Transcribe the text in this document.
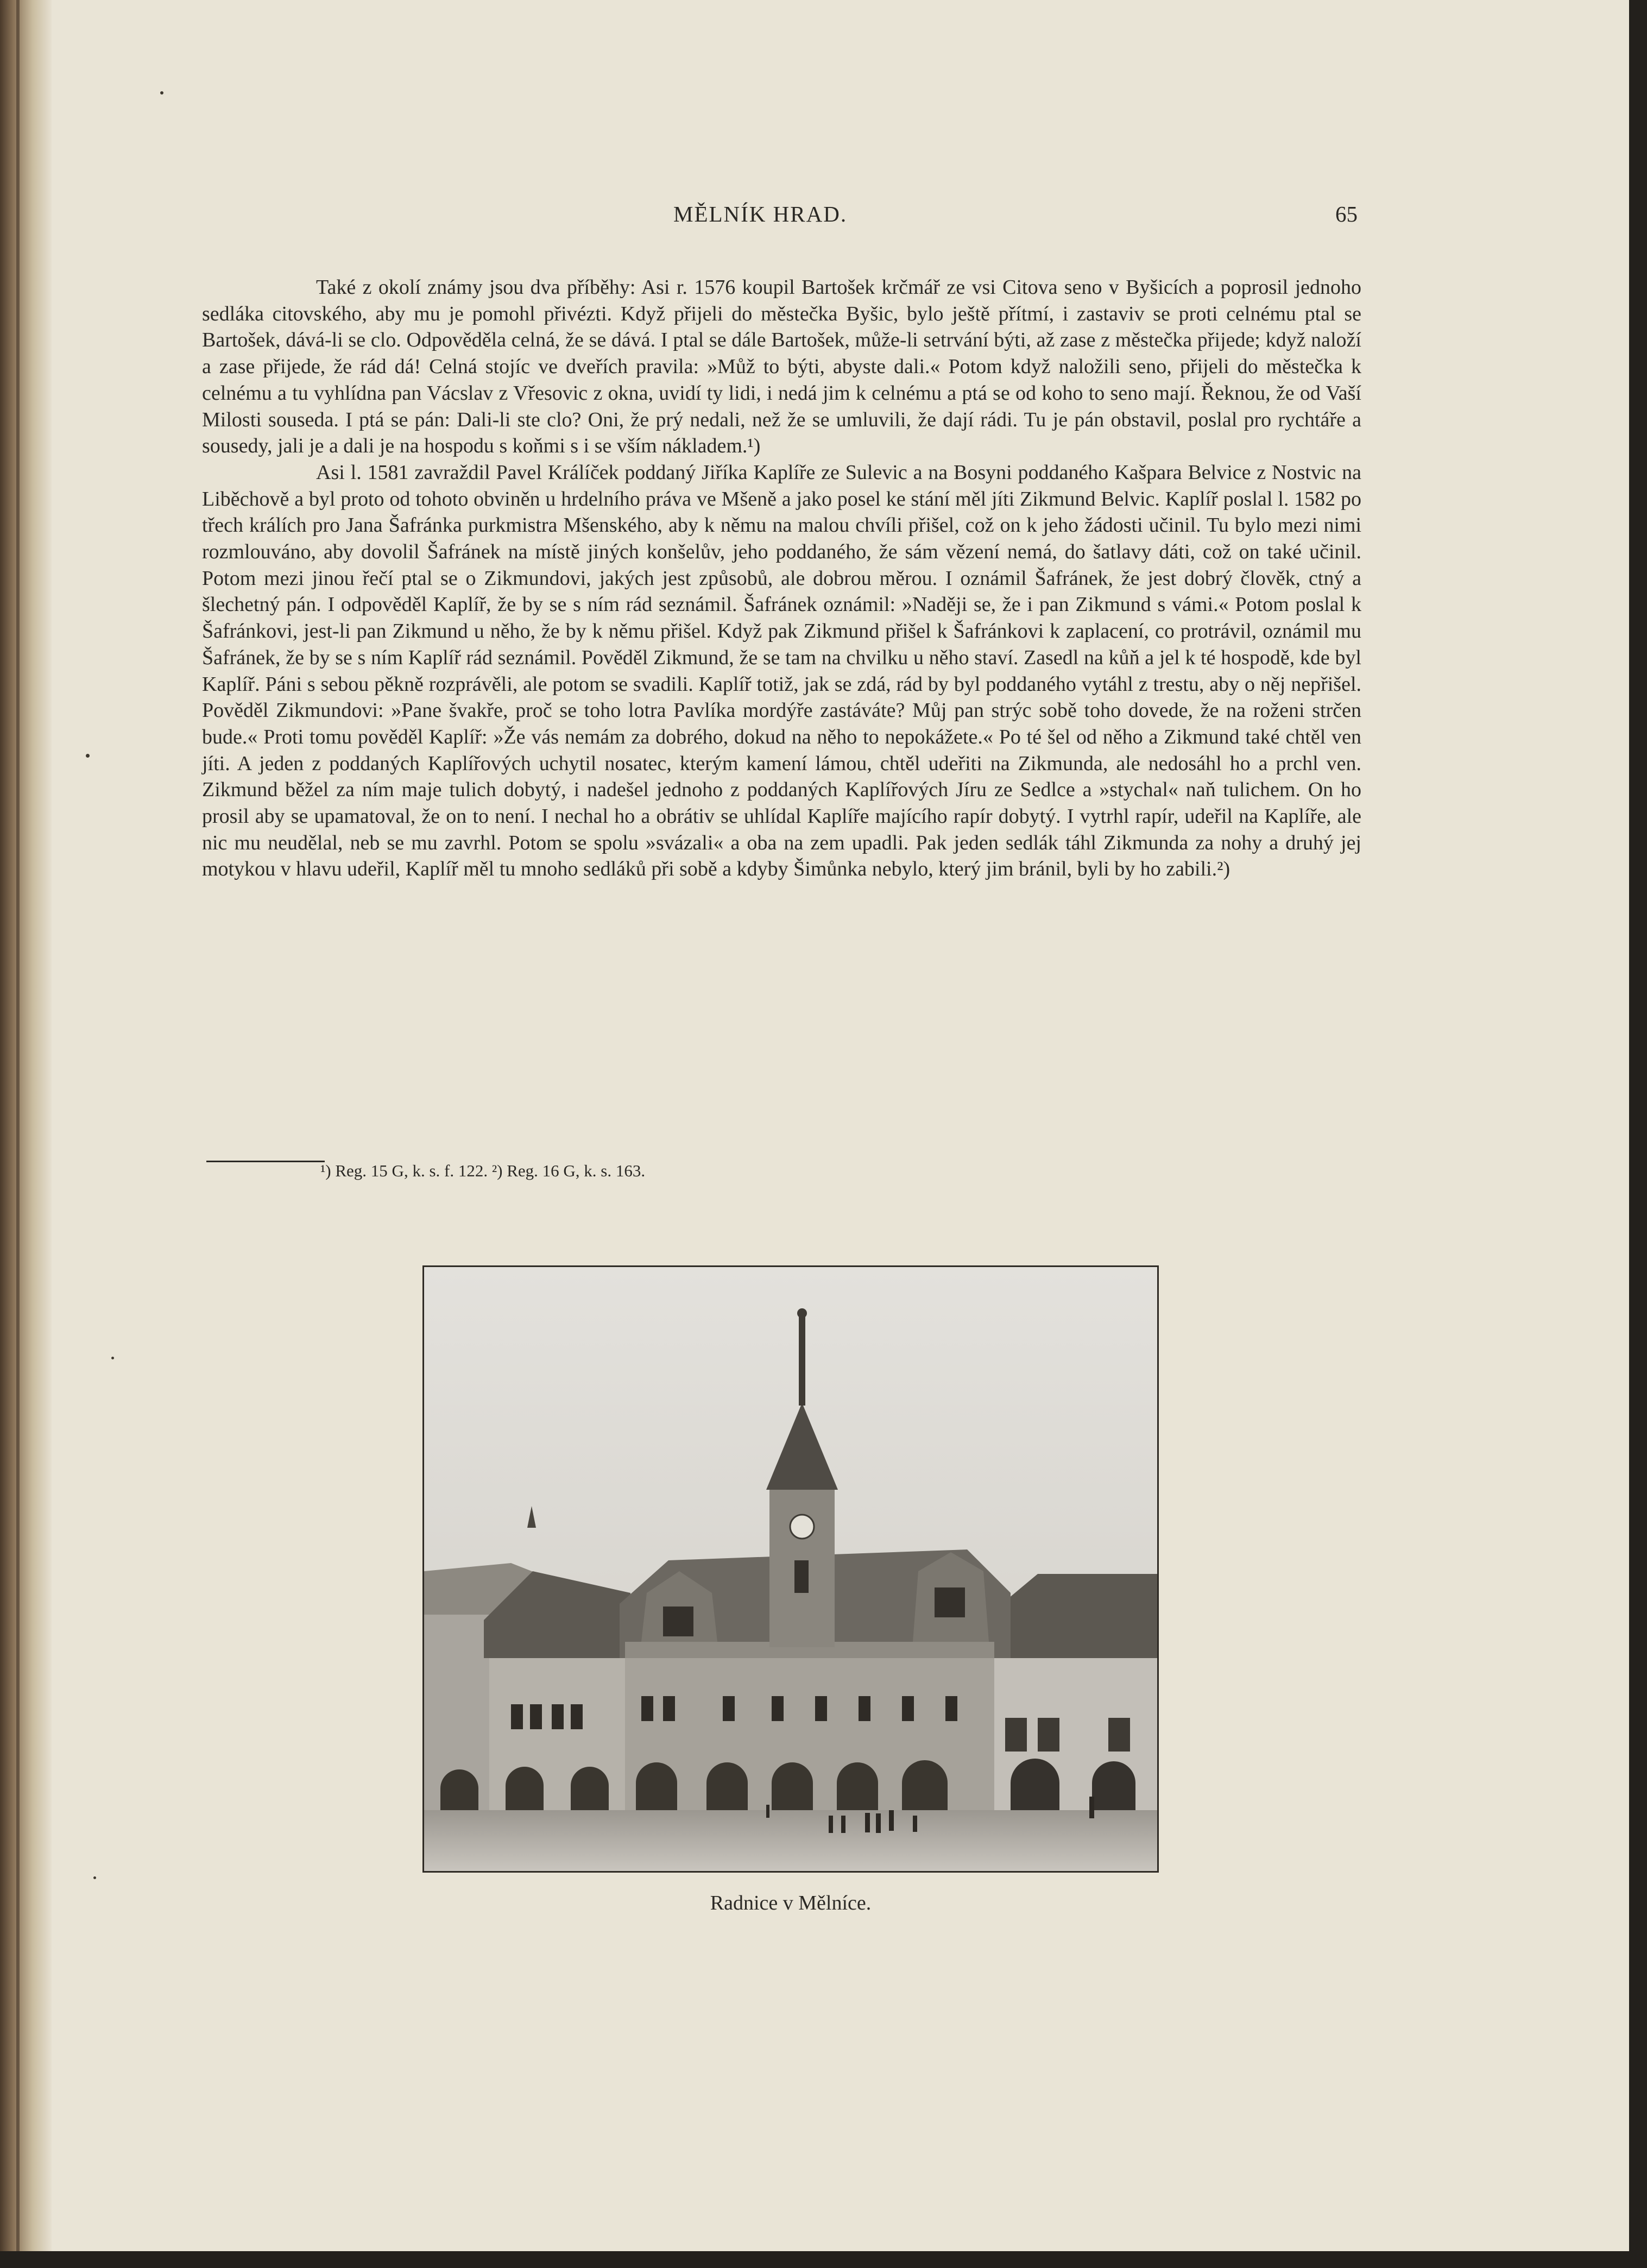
MĚLNÍK HRAD.	65

Také z okolí známy jsou dva příběhy: Asi r. 1576 koupil Bartošek krčmář ze vsi Citova seno v Byšicích a poprosil jednoho sedláka citovského, aby mu je pomohl přivézti. Když přijeli do městečka Byšic, bylo ještě přítmí, i zastaviv se proti celnému ptal se Bartošek, dává-li se clo. Odpověděla celná, že se dává. I ptal se dále Bartošek, může-li setrvání býti, až zase z městečka přijede; když naloží a zase přijede, že rád dá! Celná stojíc ve dveřích pravila: »Můž to býti, abyste dali.« Potom když naložili seno, přijeli do městečka k celnému a tu vyhlídna pan Vácslav z Vřesovic z okna, uvidí ty lidi, i nedá jim k celnému a ptá se od koho to seno mají. Řeknou, že od Vaší Milosti souseda. I ptá se pán: Dali-li ste clo? Oni, že prý nedali, než že se umluvili, že dají rádi. Tu je pán obstavil, poslal pro rychtáře a sousedy, jali je a dali je na hospodu s koňmi s i se vším nákladem.¹)

Asi l. 1581 zavraždil Pavel Králíček poddaný Jiříka Kaplíře ze Sulevic a na Bosyni poddaného Kašpara Belvice z Nostvic na Liběchově a byl proto od tohoto obviněn u hrdelního práva ve Mšeně a jako posel ke stání měl jíti Zikmund Belvic. Kaplíř poslal l. 1582 po třech králích pro Jana Šafránka purkmistra Mšenského, aby k němu na malou chvíli přišel, což on k jeho žádosti učinil. Tu bylo mezi nimi rozmlouváno, aby dovolil Šafránek na místě jiných konšelův, jeho poddaného, že sám vězení nemá, do šatlavy dáti, což on také učinil. Potom mezi jinou řečí ptal se o Zikmundovi, jakých jest způsobů, ale dobrou měrou. I oznámil Šafránek, že jest dobrý člověk, ctný a šlechetný pán. I odpověděl Kaplíř, že by se s ním rád seznámil. Šafránek oznámil: »Naději se, že i pan Zikmund s vámi.« Potom poslal k Šafránkovi, jest-li pan Zikmund u něho, že by k němu přišel. Když pak Zikmund přišel k Šafránkovi k zaplacení, co protrávil, oznámil mu Šafránek, že by se s ním Kaplíř rád seznámil. Pověděl Zikmund, že se tam na chvilku u něho staví. Zasedl na kůň a jel k té hospodě, kde byl Kaplíř. Páni s sebou pěkně rozprávěli, ale potom se svadili. Kaplíř totiž, jak se zdá, rád by byl poddaného vytáhl z trestu, aby o něj nepřišel. Pověděl Zikmundovi: »Pane švakře, proč se toho lotra Pavlíka mordýře zastáváte? Můj pan strýc sobě toho dovede, že na roženi strčen bude.« Proti tomu pověděl Kaplíř: »Že vás nemám za dobrého, dokud na něho to nepokážete.« Po té šel od něho a Zikmund také chtěl ven jíti. A jeden z poddaných Kaplířových uchytil nosatec, kterým kamení lámou, chtěl udeřiti na Zikmunda, ale nedosáhl ho a prchl ven. Zikmund běžel za ním maje tulich dobytý, i nadešel jednoho z poddaných Kaplířových Jíru ze Sedlce a »stychal« naň tulichem. On ho prosil aby se upamatoval, že on to není. I nechal ho a obrátiv se uhlídal Kaplíře majícího rapír dobytý. I vytrhl rapír, udeřil na Kaplíře, ale nic mu neudělal, neb se mu zavrhl. Potom se spolu »svázali« a oba na zem upadli. Pak jeden sedlák táhl Zikmunda za nohy a druhý jej motykou v hlavu udeřil, Kaplíř měl tu mnoho sedláků při sobě a kdyby Šimůnka nebylo, který jim bránil, byli by ho zabili.²)

¹) Reg. 15 G, k. s. f. 122. ²) Reg. 16 G, k. s. 163.
Radnice v Mělníce.
